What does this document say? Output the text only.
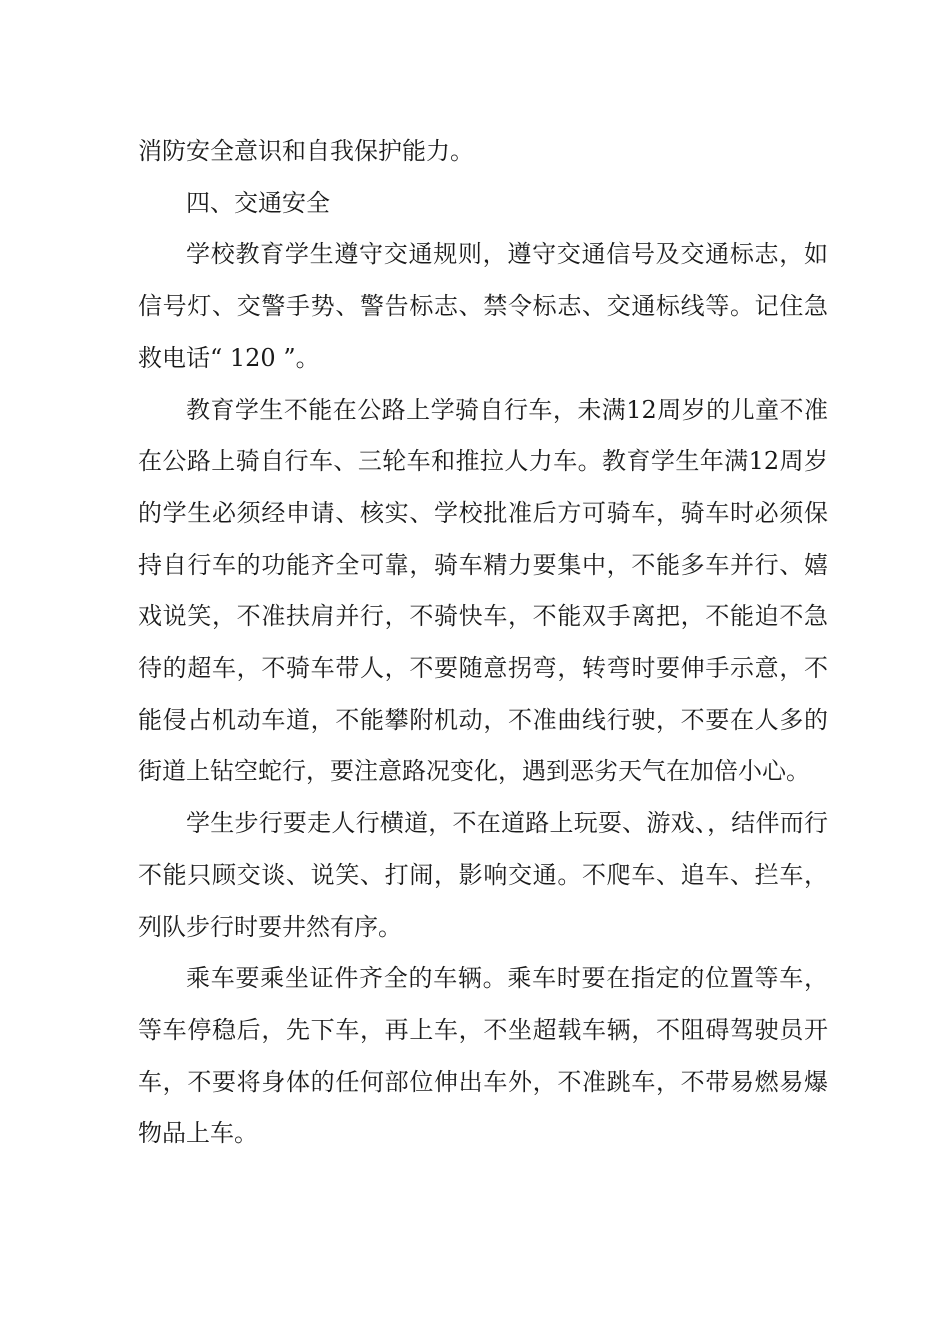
消防安全意识和自我保护能力。

四、交通安全

学校教育学生遵守交通规则，遵守交通信号及交通标志，如信号灯、交警手势、警告标志、禁令标志、交通标线等。记住急救电话“ 120 ”。

教育学生不能在公路上学骑自行车，未满12周岁的儿童不准在公路上骑自行车、三轮车和推拉人力车。教育学生年满12周岁的学生必须经申请、核实、学校批准后方可骑车，骑车时必须保持自行车的功能齐全可靠，骑车精力要集中，不能多车并行、嬉戏说笑，不准扶肩并行，不骑快车，不能双手离把，不能迫不急待的超车，不骑车带人，不要随意拐弯，转弯时要伸手示意，不能侵占机动车道，不能攀附机动，不准曲线行驶，不要在人多的街道上钻空蛇行，要注意路况变化，遇到恶劣天气在加倍小心。

学生步行要走人行横道，不在道路上玩耍、游戏、，结伴而行不能只顾交谈、说笑、打闹，影响交通。不爬车、追车、拦车，列队步行时要井然有序。

乘车要乘坐证件齐全的车辆。乘车时要在指定的位置等车，等车停稳后，先下车，再上车，不坐超载车辆，不阻碍驾驶员开车，不要将身体的任何部位伸出车外，不准跳车，不带易燃易爆物品上车。
